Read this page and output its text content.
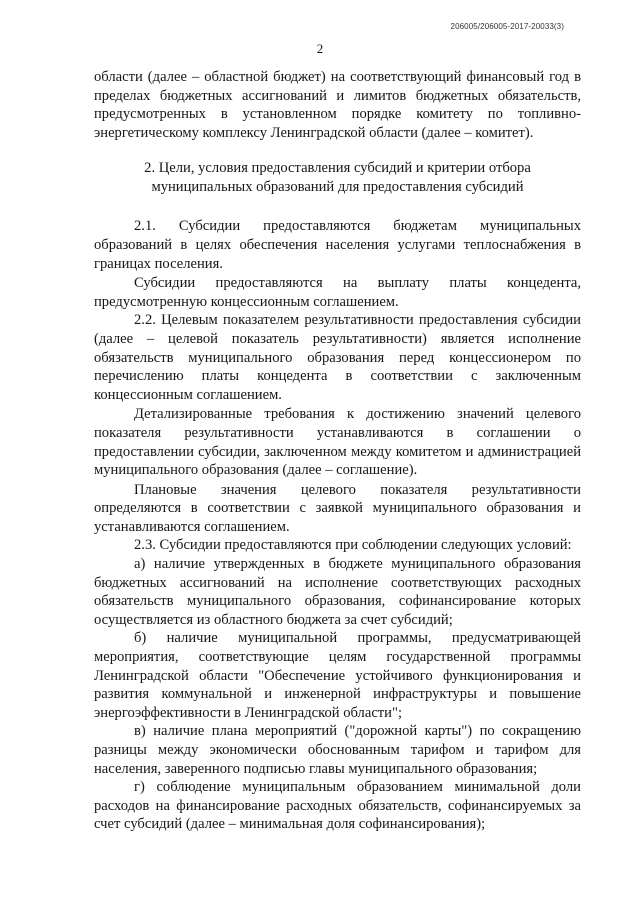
206005/206005-2017-20033(3)
2

области (далее – областной бюджет) на соответствующий финансовый год в пределах бюджетных ассигнований и лимитов бюджетных обязательств, предусмотренных в установленном порядке комитету по топливно-энергетическому комплексу Ленинградской области (далее – комитет).

2. Цели, условия предоставления субсидий и критерии отбора
муниципальных образований для предоставления субсидий

2.1. Субсидии предоставляются бюджетам муниципальных образований в целях обеспечения населения услугами теплоснабжения в границах поселения.

Субсидии предоставляются на выплату платы концедента, предусмотренную концессионным соглашением.

2.2. Целевым показателем результативности предоставления субсидии (далее – целевой показатель результативности) является исполнение обязательств муниципального образования перед концессионером по перечислению платы концедента в соответствии с заключенным концессионным соглашением.

Детализированные требования к достижению значений целевого показателя результативности устанавливаются в соглашении о предоставлении субсидии, заключенном между комитетом и администрацией муниципального образования (далее – соглашение).

Плановые значения целевого показателя результативности определяются в соответствии с заявкой муниципального образования и устанавливаются соглашением.

2.3. Субсидии предоставляются при соблюдении следующих условий:

а) наличие утвержденных в бюджете муниципального образования бюджетных ассигнований на исполнение соответствующих расходных обязательств муниципального образования, софинансирование которых осуществляется из областного бюджета за счет субсидий;

б) наличие муниципальной программы, предусматривающей мероприятия, соответствующие целям государственной программы Ленинградской области "Обеспечение устойчивого функционирования и развития коммунальной и инженерной инфраструктуры и повышение энергоэффективности в Ленинградской области";

в) наличие плана мероприятий ("дорожной карты") по сокращению разницы между экономически обоснованным тарифом и тарифом для населения, заверенного подписью главы муниципального образования;

г) соблюдение муниципальным образованием минимальной доли расходов на финансирование расходных обязательств, софинансируемых за счет субсидий (далее – минимальная доля софинансирования);
